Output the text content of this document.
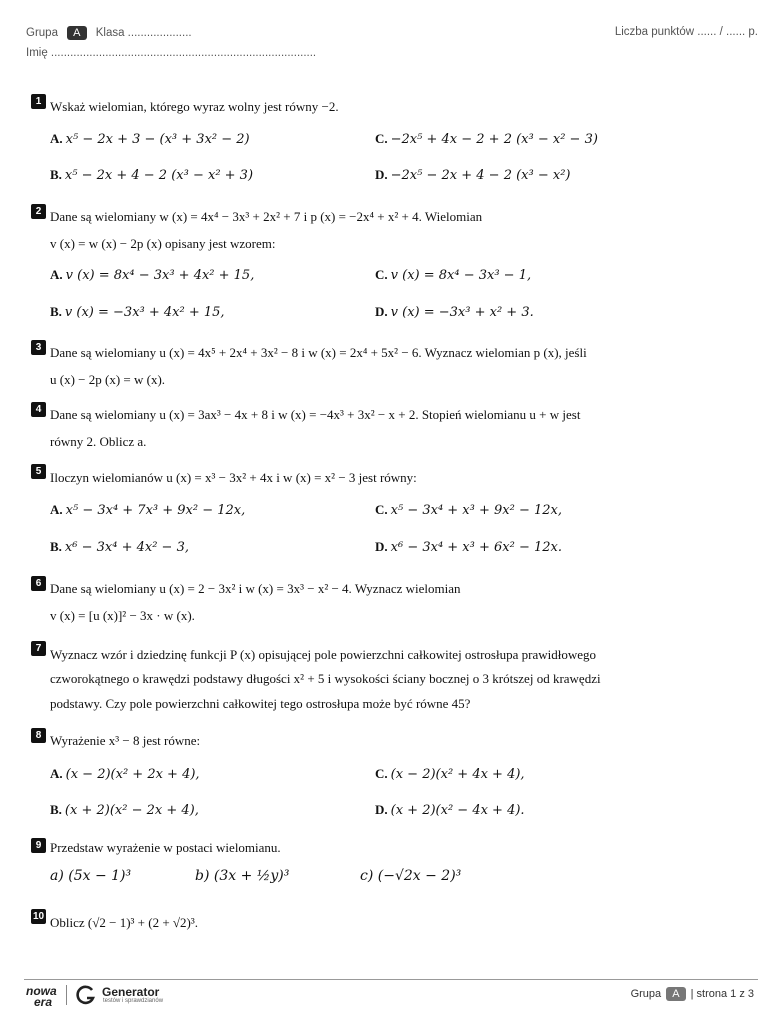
Grupa A Klasa ....................
Imię ...................................................................................
Liczba punktów ...... / ...... p.
1 Wskaż wielomian, którego wyraz wolny jest równy −2.
A. x⁵ − 2x + 3 − (x³ + 3x² − 2)
B. x⁵ − 2x + 4 − 2 (x³ − x² + 3)
C. −2x⁵ + 4x − 2 + 2 (x³ − x² − 3)
D. −2x⁵ − 2x + 4 − 2 (x³ − x²)
2 Dane są wielomiany w (x) = 4x⁴ − 3x³ + 2x² + 7 i p (x) = −2x⁴ + x² + 4. Wielomian
v (x) = w (x) − 2p (x) opisany jest wzorem:
A. v (x) = 8x⁴ − 3x³ + 4x² + 15,
B. v (x) = −3x³ + 4x² + 15,
C. v (x) = 8x⁴ − 3x³ − 1,
D. v (x) = −3x³ + x² + 3.
3 Dane są wielomiany u (x) = 4x⁵ + 2x⁴ + 3x² − 8 i w (x) = 2x⁴ + 5x² − 6. Wyznacz wielomian p (x), jeśli
u (x) − 2p (x) = w (x).
4 Dane są wielomiany u (x) = 3ax³ − 4x + 8 i w (x) = −4x³ + 3x² − x + 2. Stopień wielomianu u + w jest
równy 2. Oblicz a.
5 Iloczyn wielomianów u (x) = x³ − 3x² + 4x i w (x) = x² − 3 jest równy:
A. x⁵ − 3x⁴ + 7x³ + 9x² − 12x,
B. x⁶ − 3x⁴ + 4x² − 3,
C. x⁵ − 3x⁴ + x³ + 9x² − 12x,
D. x⁶ − 3x⁴ + x³ + 6x² − 12x.
6 Dane są wielomiany u (x) = 2 − 3x² i w (x) = 3x³ − x² − 4. Wyznacz wielomian
v (x) = [u (x)]² − 3x · w (x).
7 Wyznacz wzór i dziedzinę funkcji P (x) opisującej pole powierzchni całkowitej ostrosłupa prawidłowego
czworokątnego o krawędzi podstawy długości x² + 5 i wysokości ściany bocznej o 3 krótszej od krawędzi
podstawy. Czy pole powierzchni całkowitej tego ostrosłupa może być równe 45?
8 Wyrażenie x³ − 8 jest równe:
A. (x − 2)(x² + 2x + 4),
B. (x + 2)(x² − 2x + 4),
C. (x − 2)(x² + 4x + 4),
D. (x + 2)(x² − 4x + 4).
9 Przedstaw wyrażenie w postaci wielomianu.
a) (5x − 1)³	b) (3x + ½y)³	c) (−√2x − 2)³
10 Oblicz (√2 − 1)³ + (2 + √2)³.
nowa
era
Generator
testów i sprawdzianów
Grupa A | strona 1 z 3
